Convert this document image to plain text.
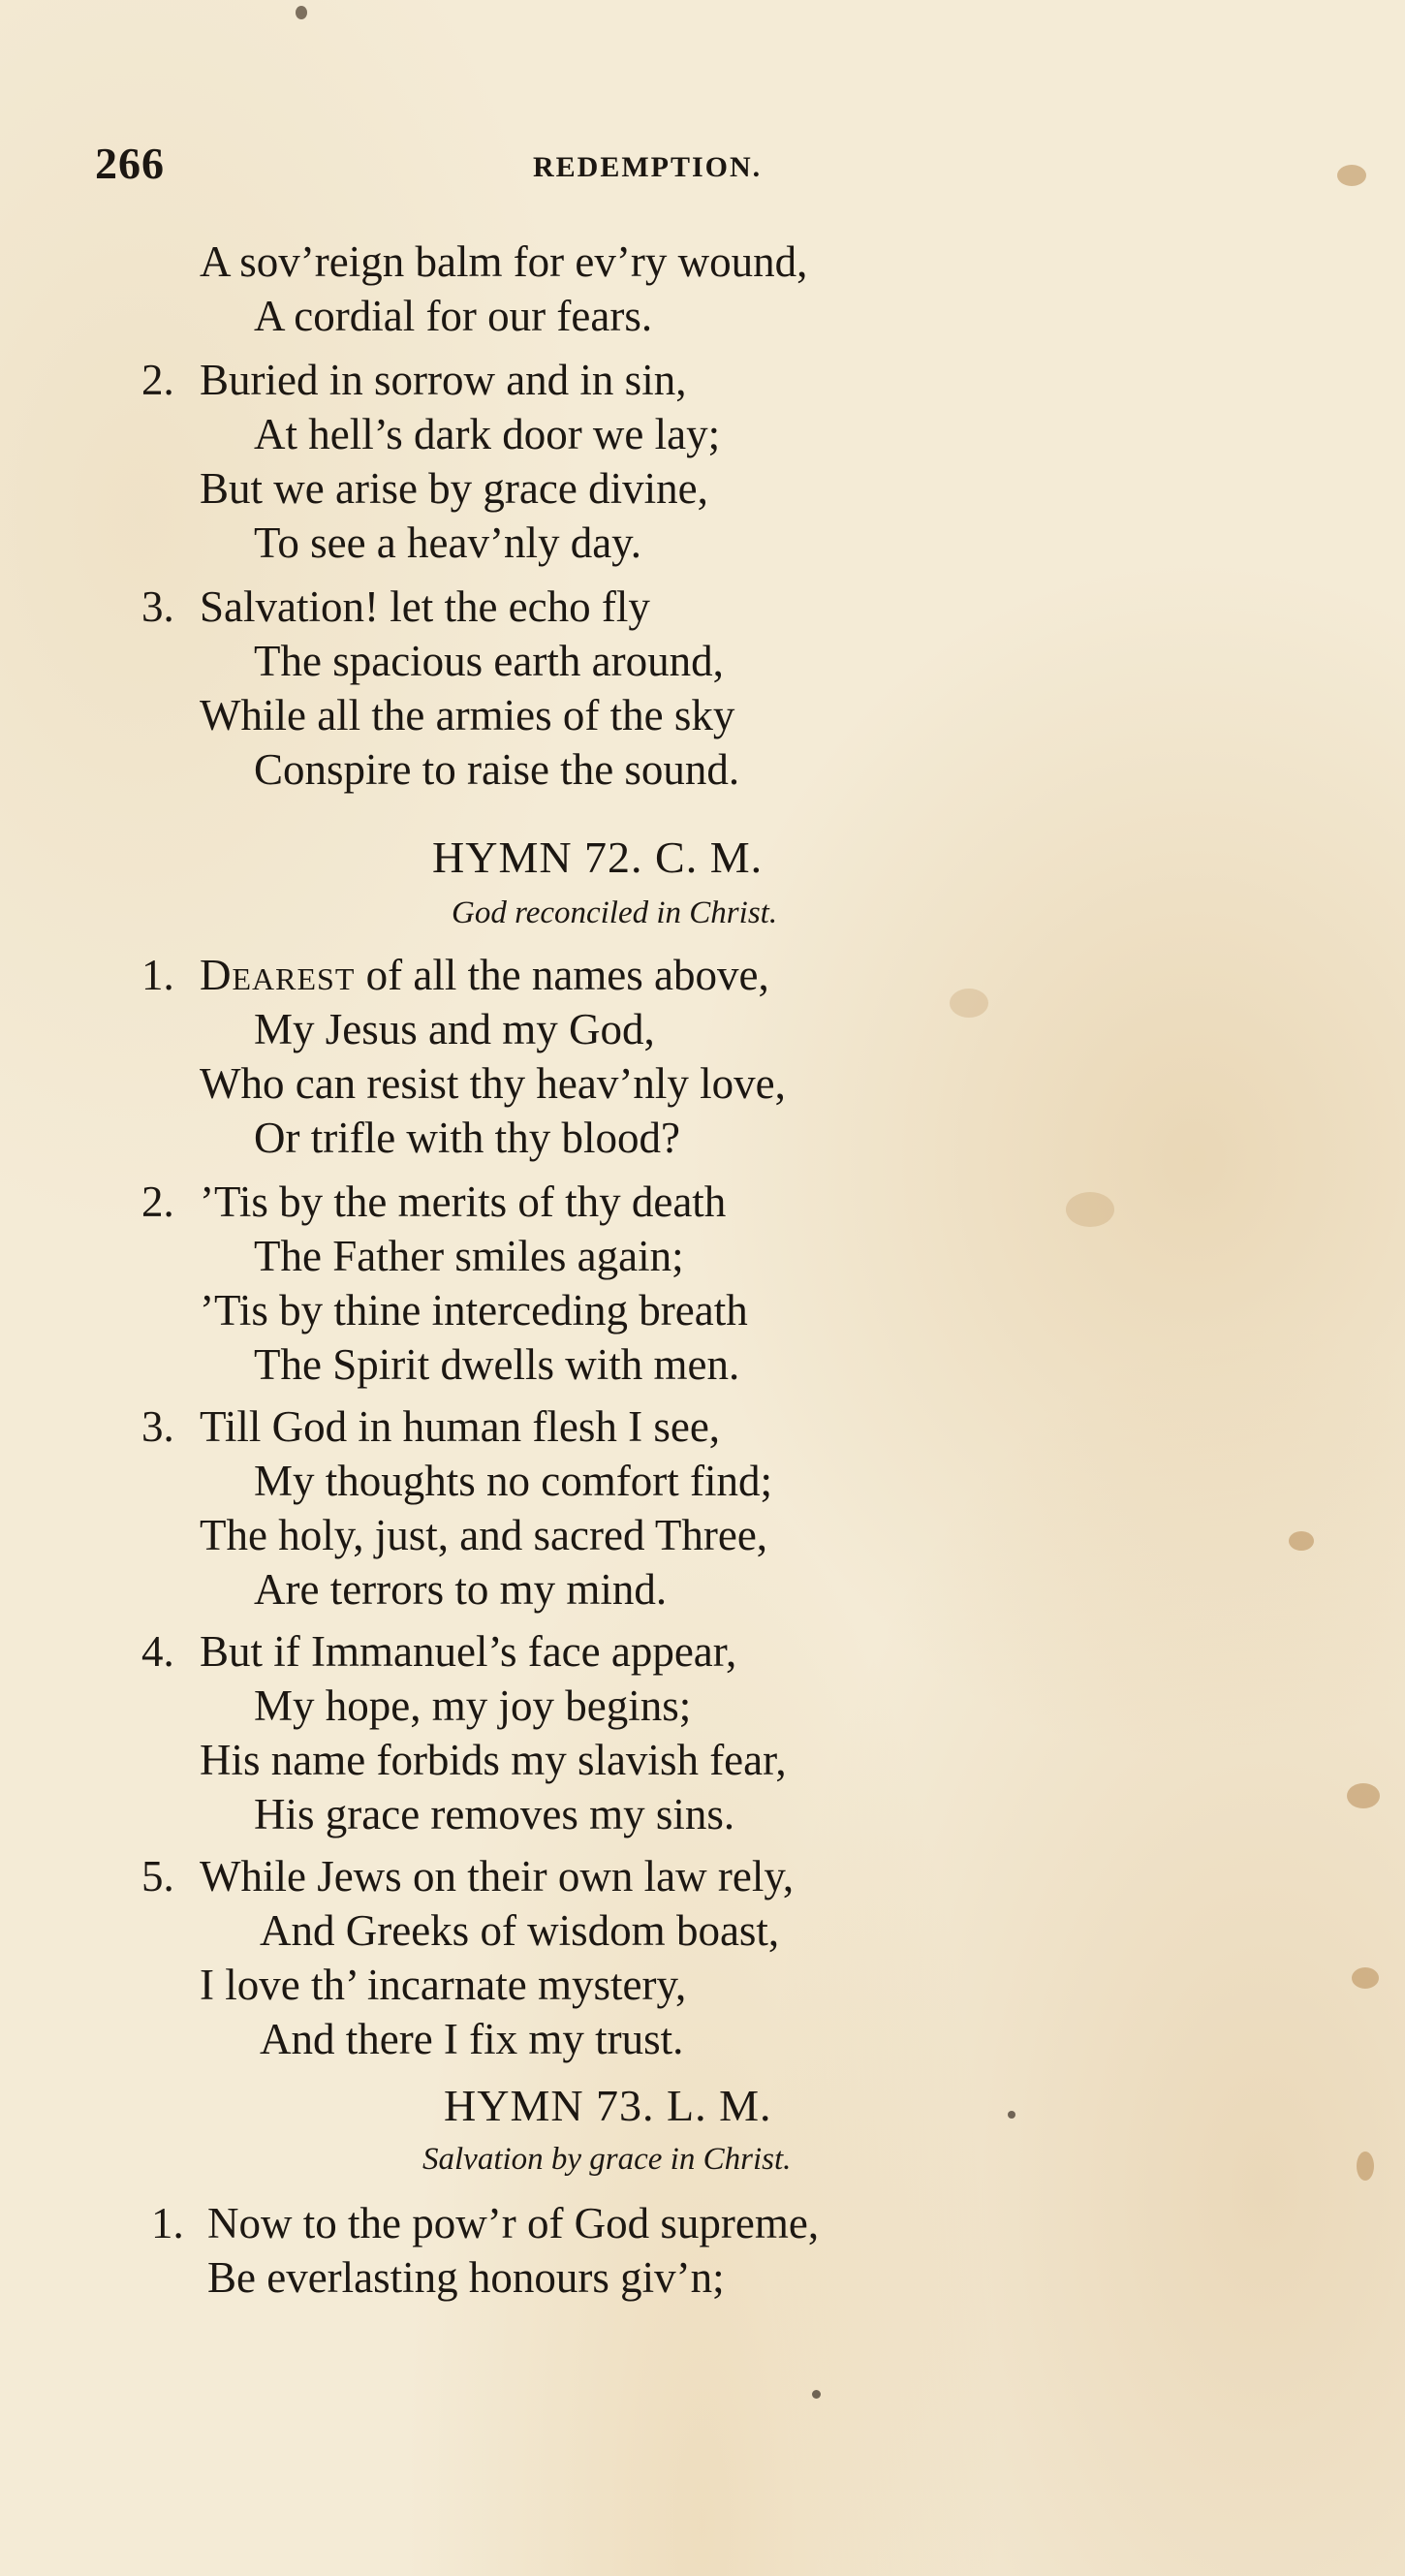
266	REDEMPTION.
A sov’reign balm for ev’ry wound,
A cordial for our fears.
2. Buried in sorrow and in sin,
At hell’s dark door we lay;
But we arise by grace divine,
To see a heav’nly day.
3. Salvation! let the echo fly
The spacious earth around,
While all the armies of the sky
Conspire to raise the sound.
HYMN 72. C. M.
God reconciled in Christ.
1. Dearest of all the names above,
My Jesus and my God,
Who can resist thy heav’nly love,
Or trifle with thy blood?
2. ’Tis by the merits of thy death
The Father smiles again;
’Tis by thine interceding breath
The Spirit dwells with men.
3. Till God in human flesh I see,
My thoughts no comfort find;
The holy, just, and sacred Three,
Are terrors to my mind.
4. But if Immanuel’s face appear,
My hope, my joy begins;
His name forbids my slavish fear,
His grace removes my sins.
5. While Jews on their own law rely,
And Greeks of wisdom boast,
I love th’ incarnate mystery,
And there I fix my trust.
HYMN 73. L. M.
Salvation by grace in Christ.
1. Now to the pow’r of God supreme,
Be everlasting honours giv’n;
